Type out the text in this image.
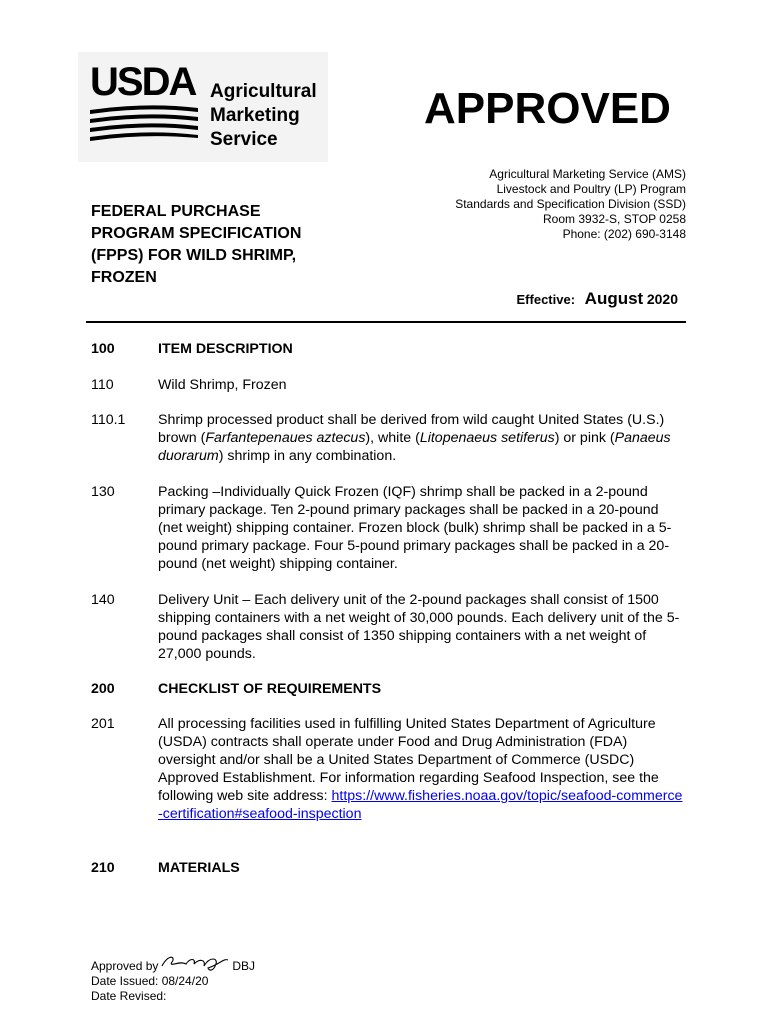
USDA Agricultural
Marketing
Service
APPROVED
Agricultural Marketing Service (AMS)
Livestock and Poultry (LP) Program
Standards and Specification Division (SSD)
Room 3932-S, STOP 0258
Phone: (202) 690-3148
FEDERAL PURCHASE
PROGRAM SPECIFICATION
(FPPS) FOR WILD SHRIMP,
FROZEN
Effective: August 2020
100	ITEM DESCRIPTION
110	Wild Shrimp, Frozen
110.1 Shrimp processed product shall be derived from wild caught United States (U.S.) brown (Farfantepenaues aztecus), white (Litopenaeus setiferus) or pink (Panaeus duorarum) shrimp in any combination.
130	Packing –Individually Quick Frozen (IQF) shrimp shall be packed in a 2-pound primary package. Ten 2-pound primary packages shall be packed in a 20-pound (net weight) shipping container. Frozen block (bulk) shrimp shall be packed in a 5-pound primary package. Four 5-pound primary packages shall be packed in a 20-pound (net weight) shipping container.
140	Delivery Unit – Each delivery unit of the 2-pound packages shall consist of 1500 shipping containers with a net weight of 30,000 pounds. Each delivery unit of the 5-pound packages shall consist of 1350 shipping containers with a net weight of 27,000 pounds.
200	CHECKLIST OF REQUIREMENTS
201	All processing facilities used in fulfilling United States Department of Agriculture (USDA) contracts shall operate under Food and Drug Administration (FDA) oversight and/or shall be a United States Department of Commerce (USDC) Approved Establishment. For information regarding Seafood Inspection, see the following web site address: https://www.fisheries.noaa.gov/topic/seafood-commerce-certification#seafood-inspection
210	MATERIALS
Approved by	DBJ
Date Issued: 08/24/20
Date Revised:
